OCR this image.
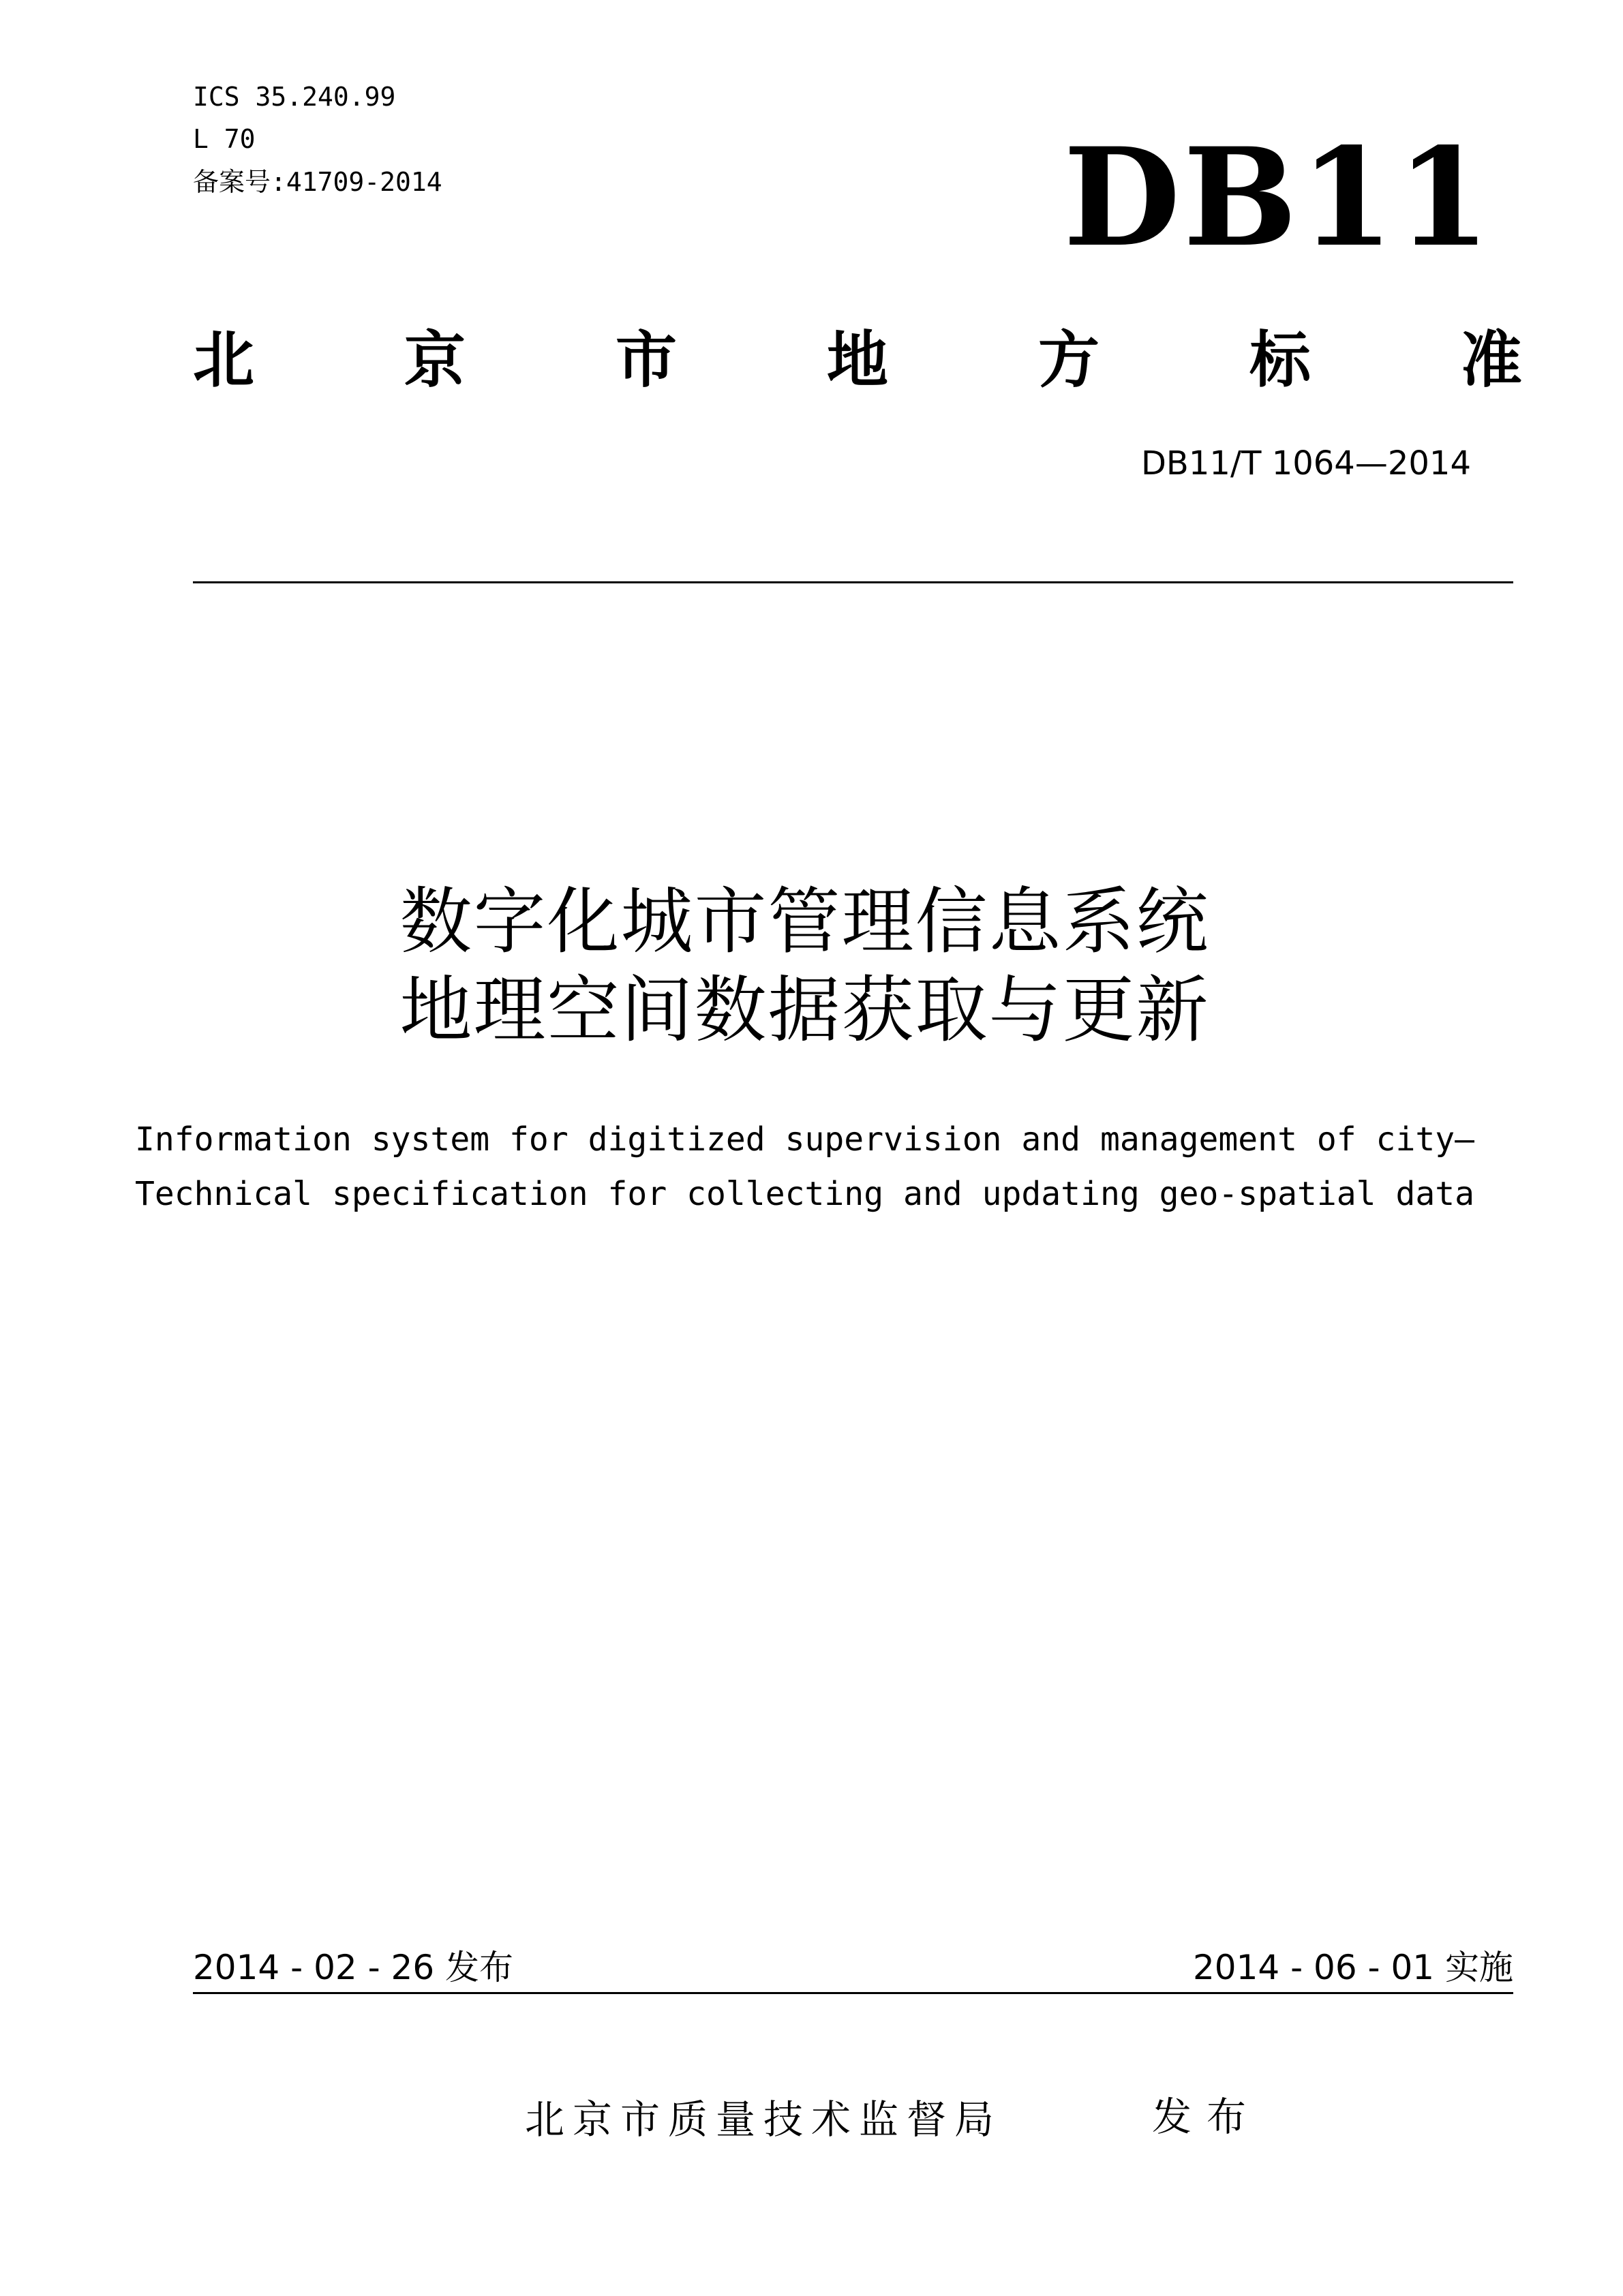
ICS 35.240.99
L 70
备案号:41709-2014	DB11
北 京 市 地 方 标 准
DB11/T 1064—2014
数字化城市管理信息系统
地理空间数据获取与更新
Information system for digitized supervision and management of city—
Technical specification for collecting and updating geo-spatial data
2014 - 02 - 26 发布	2014 - 06 - 01 实施
北京市质量技术监督局	发布
